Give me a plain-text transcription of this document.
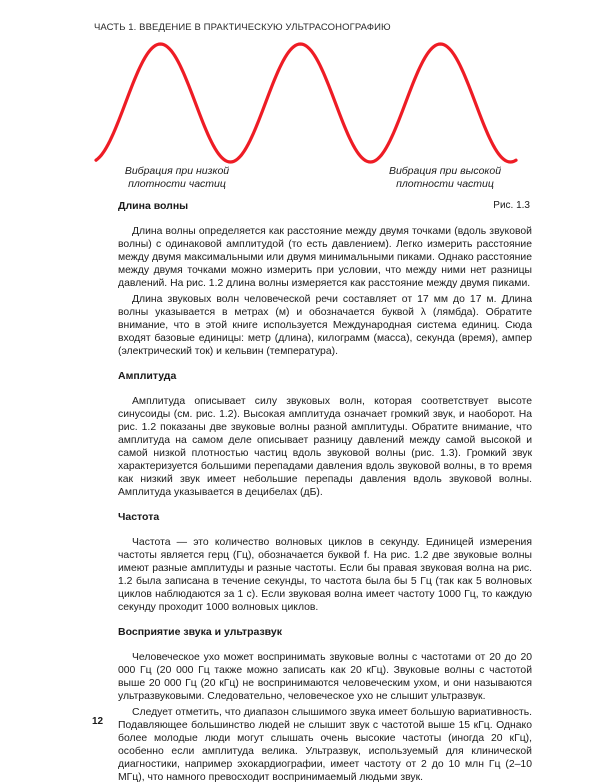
ЧАСТЬ 1. ВВЕДЕНИЕ В ПРАКТИЧЕСКУЮ УЛЬТРАСОНОГРАФИЮ
Вибрация при низкой
плотности частиц
Вибрация при высокой
плотности частиц
Рис. 1.3
Длина волны

Длина волны определяется как расстояние между двумя точками (вдоль звуковой волны) с одинаковой амплитудой (то есть давлением). Легко измерить расстояние между двумя максимальными или двумя минимальными пиками. Однако расстояние между двумя точками можно измерить при условии, что между ними нет разницы давлений. На рис. 1.2 длина волны измеряется как расстояние между двумя пиками.

Длина звуковых волн человеческой речи составляет от 17 мм до 17 м. Длина волны указывается в метрах (м) и обозначается буквой λ (лямбда). Обратите внимание, что в этой книге используется Международная система единиц. Сюда входят базовые единицы: метр (длина), килограмм (масса), секунда (время), ампер (электрический ток) и кельвин (температура).

Амплитуда

Амплитуда описывает силу звуковых волн, которая соответствует высоте синусоиды (см. рис. 1.2). Высокая амплитуда означает громкий звук, и наоборот. На рис. 1.2 показаны две звуковые волны разной амплитуды. Обратите внимание, что амплитуда на самом деле описывает разницу давлений между самой высокой и самой низкой плотностью частиц вдоль звуковой волны (рис. 1.3). Громкий звук характеризуется большими перепадами давления вдоль звуковой волны, в то время как низкий звук имеет небольшие перепады давления вдоль звуковой волны. Амплитуда указывается в децибелах (дБ).

Частота

Частота — это количество волновых циклов в секунду. Единицей измерения частоты является герц (Гц), обозначается буквой f. На рис. 1.2 две звуковые волны имеют разные амплитуды и разные частоты. Если бы правая звуковая волна на рис. 1.2 была записана в течение секунды, то частота была бы 5 Гц (так как 5 волновых циклов наблюдаются за 1 с). Если звуковая волна имеет частоту 1000 Гц, то каждую секунду проходит 1000 волновых циклов.

Восприятие звука и ультразвук

Человеческое ухо может воспринимать звуковые волны с частотами от 20 до 20 000 Гц (20 000 Гц также можно записать как 20 кГц). Звуковые волны с частотой выше 20 000 Гц (20 кГц) не воспринимаются человеческим ухом, и они называются ультразвуковыми. Следовательно, человеческое ухо не слышит ультразвук.

Следует отметить, что диапазон слышимого звука имеет большую вариативность. Подавляющее большинство людей не слышит звук с частотой выше 15 кГц. Однако более молодые люди могут слышать очень высокие частоты (иногда 20 кГц), особенно если амплитуда велика. Ультразвук, используемый для клинической диагностики, например эхокардиографии, имеет частоту от 2 до 10 млн Гц (2–10 МГц), что намного превосходит воспринимаемый людьми звук.

12
